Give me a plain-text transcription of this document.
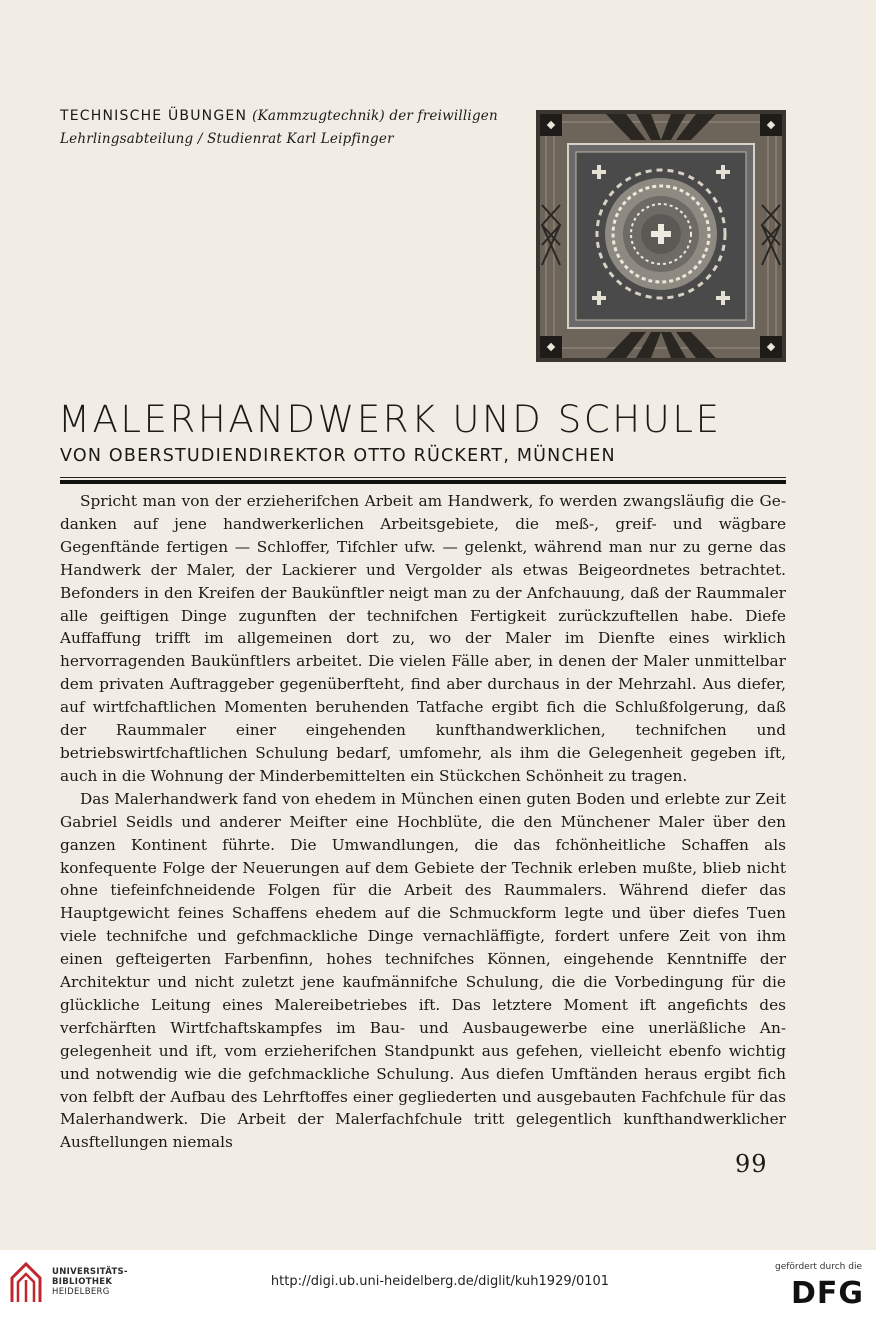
TECHNISCHE ÜBUNGEN (Kammzugtechnik) der freiwilligen
Lehrlingsabteilung / Studienrat Karl Leipfinger
MALERHANDWERK UND SCHULE
VON OBERSTUDIENDIREKTOR OTTO RÜCKERT, MÜNCHEN

Spricht man von der erzieherifchen Arbeit am Handwerk, fo werden zwangsläufig die Gedanken auf jene handwerkerlichen Arbeitsgebiete, die meß-, greif- und wägbare Gegenftände fertigen — Schloffer, Tifchler ufw. — gelenkt, während man nur zu gerne das Handwerk der Maler, der Lackierer und Vergolder als etwas Beigeordnetes betrachtet. Befonders in den Kreifen der Baukünftler neigt man zu der Anfchauung, daß der Raummaler alle geiftigen Dinge zugunften der technifchen Fertigkeit zurückzuftellen habe. Diefe Auffaffung trifft im allgemeinen dort zu, wo der Maler im Dienfte eines wirklich hervorragenden Baukünftlers arbeitet. Die vielen Fälle aber, in denen der Maler unmittelbar dem privaten Auftraggeber gegenüberfteht, find aber durchaus in der Mehrzahl. Aus diefer, auf wirtfchaftlichen Momenten beruhenden Tatfache ergibt fich die Schlußfolgerung, daß der Raummaler einer eingehenden kunfthandwerklichen, technifchen und betriebswirtfchaftlichen Schulung bedarf, umfomehr, als ihm die Gelegenheit gegeben ift, auch in die Wohnung der Minderbemittelten ein Stückchen Schönheit zu tragen.

Das Malerhandwerk fand von ehedem in München einen guten Boden und erlebte zur Zeit Gabriel Seidls und anderer Meifter eine Hochblüte, die den Münchener Maler über den ganzen Kontinent führte. Die Umwandlungen, die das fchönheitliche Schaffen als konfequente Folge der Neuerungen auf dem Gebiete der Technik erleben mußte, blieb nicht ohne tiefeinfchneidende Folgen für die Arbeit des Raummalers. Während diefer das Hauptgewicht feines Schaffens ehedem auf die Schmuckform legte und über diefes Tuen viele technifche und gefchmackliche Dinge vernachläffigte, fordert unfere Zeit von ihm einen gefteigerten Farbenfinn, hohes technifches Können, eingehende Kenntniffe der Architektur und nicht zuletzt jene kaufmännifche Schulung, die die Vorbedingung für die glückliche Leitung eines Malereibetriebes ift. Das letztere Moment ift angefichts des verfchärften Wirtfchaftskampfes im Bau- und Ausbaugewerbe eine unerläßliche Angelegenheit und ift, vom erzieherifchen Standpunkt aus gefehen, vielleicht ebenfo wichtig und notwendig wie die gefchmackliche Schulung. Aus diefen Umftänden heraus ergibt fich von felbft der Aufbau des Lehrftoffes einer gegliederten und ausgebauten Fachfchule für das Malerhandwerk. Die Arbeit der Malerfachfchule tritt gelegentlich kunfthandwerklicher Ausftellungen niemals

99
UNIVERSITÄTS-
BIBLIOTHEK
HEIDELBERG
http://digi.ub.uni-heidelberg.de/diglit/kuh1929/0101
gefördert durch die
DFG
